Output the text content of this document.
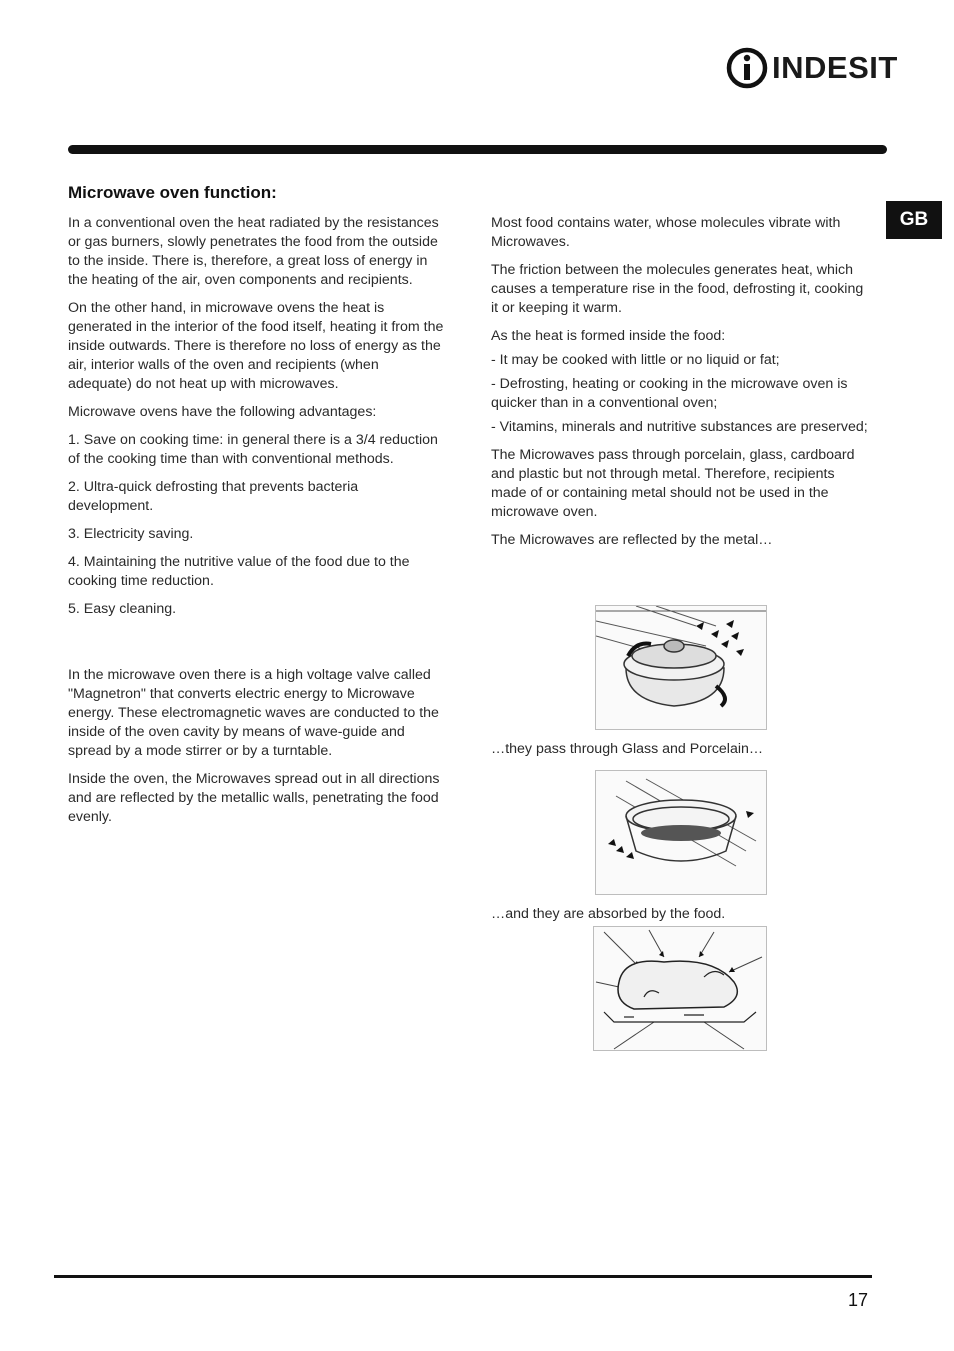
INDESIT
GB
Microwave oven function:

In a conventional oven the heat radiated by the resistances or gas burners, slowly penetrates the food from the outside to the inside. There is, therefore, a great loss of energy in the heating of the air, oven components and recipients.

On the other hand, in microwave ovens the heat is generated in the interior of the food itself, heating it from the inside outwards. There is therefore no loss of energy as the air, interior walls of the oven and recipients (when adequate) do not heat up with microwaves.

Microwave ovens have the following advantages:

1. Save on cooking time: in general there is a 3/4 reduction of the cooking time than with conventional methods.

2. Ultra-quick defrosting that prevents bacteria development.

3. Electricity saving.

4. Maintaining the nutritive value of the food due to the cooking time reduction.

5. Easy cleaning.

In the microwave oven there is a high voltage valve called "Magnetron" that converts electric energy to Microwave energy. These electromagnetic waves are conducted to the inside of the oven cavity by means of wave-guide and spread by a mode stirrer or by a turntable.

Inside the oven, the Microwaves spread out in all directions and are reflected by the metallic walls, penetrating the food evenly.

Most food contains water, whose molecules vibrate with Microwaves.

The friction between the molecules generates heat, which causes a temperature rise in the food, defrosting it, cooking it or keeping it warm.

As the heat is formed inside the food:

- It may be cooked with little or no liquid or fat;

- Defrosting, heating or cooking in the microwave oven is quicker than in a conventional oven;

- Vitamins, minerals and nutritive substances are preserved;

The Microwaves pass through porcelain, glass, cardboard and plastic but not through metal. Therefore, recipients made of or containing metal should not be used in the microwave oven.

The Microwaves are reflected by the metal…

…they pass through Glass and Porcelain…
…and they are absorbed by the food.
17
